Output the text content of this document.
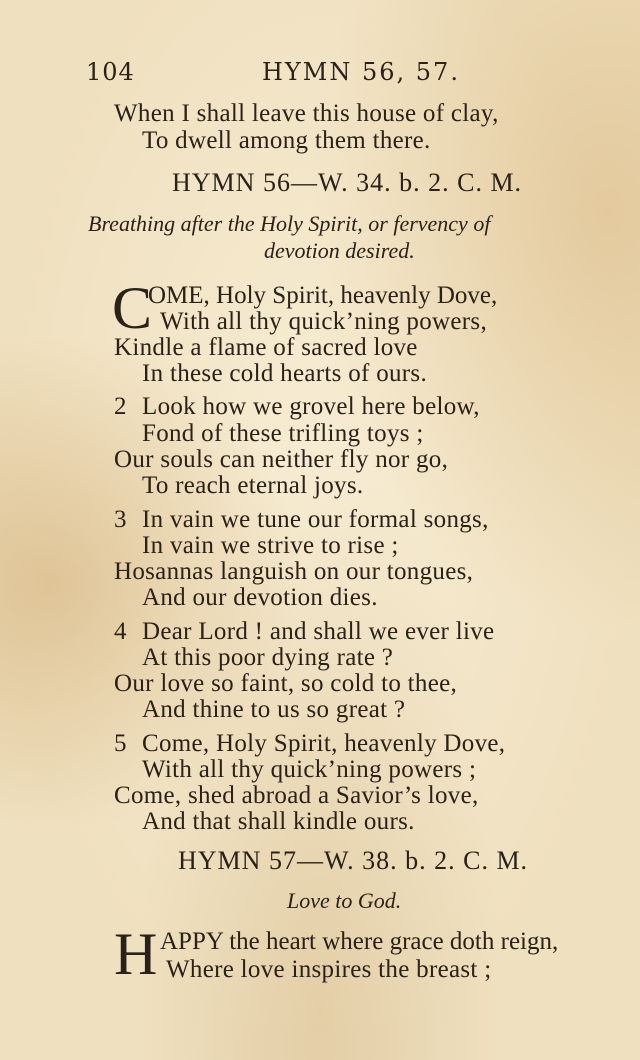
104	HYMN 56, 57.
When I shall leave this house of clay,
To dwell among them there.
HYMN 56—W. 34. b. 2. C. M.
Breathing after the Holy Spirit, or fervency of
devotion desired.
C
OME, Holy Spirit, heavenly Dove,
With all thy quick’ning powers,
Kindle a flame of sacred love
In these cold hearts of ours.
2 Look how we grovel here below,
Fond of these trifling toys ;
Our souls can neither fly nor go,
To reach eternal joys.
3 In vain we tune our formal songs,
In vain we strive to rise ;
Hosannas languish on our tongues,
And our devotion dies.
4 Dear Lord ! and shall we ever live
At this poor dying rate ?
Our love so faint, so cold to thee,
And thine to us so great ?
5 Come, Holy Spirit, heavenly Dove,
With all thy quick’ning powers ;
Come, shed abroad a Savior’s love,
And that shall kindle ours.
HYMN 57—W. 38. b. 2. C. M.
Love to God.
H APPY the heart where grace doth reign,
Where love inspires the breast ;
